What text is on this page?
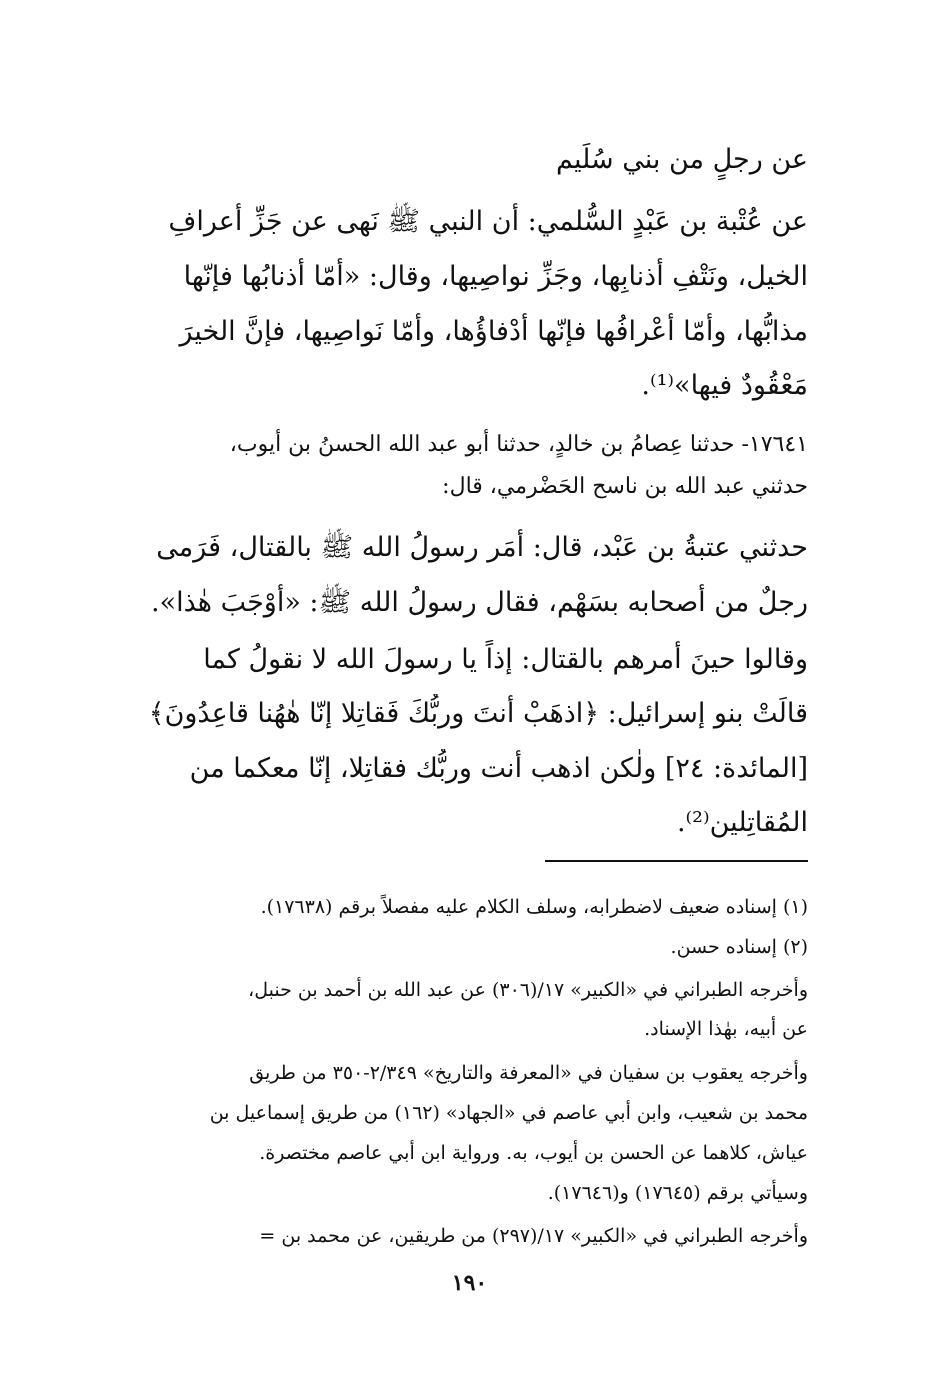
عن رجلٍ من بني سُلَيم
عن عُتْبة بن عَبْدٍ السُّلمي: أن النبي ﷺ نَهى عن جَزِّ أعرافِ
الخيل، ونَتْفِ أذنابِها، وجَزِّ نواصِيها، وقال: «أمّا أذنابُها فإنّها
مذابُّها، وأمّا أعْرافُها فإنّها أدْفاؤُها، وأمّا نَواصِيها، فإنَّ الخيرَ
مَعْقُودٌ فيها»⁽¹⁾.
١٧٦٤١- حدثنا عِصامُ بن خالدٍ، حدثنا أبو عبد الله الحسنُ بن أيوب،
حدثني عبد الله بن ناسح الحَضْرمي، قال:
حدثني عتبةُ بن عَبْد، قال: أَمَر رسولُ الله ﷺ بالقتال، فَرَمى
رجلٌ من أصحابه بسَهْم، فقال رسولُ الله ﷺ: «أَوْجَبَ هٰذا».
وقالوا حينَ أمرهم بالقتال: إذاً يا رسولَ الله لا نقولُ كما
قالَتْ بنو إسرائيل: ﴿اذهَبْ أَنتَ وربُّكَ فَقاتِلا إنّا هٰهُنا قاعِدُونَ﴾
[المائدة: ٢٤] ولٰكن اذهب أنت وربُّك فقاتِلا، إنّا معكما من
المُقاتِلين⁽²⁾.
(١) إسناده ضعيف لاضطرابه، وسلف الكلام عليه مفصلاً برقم (١٧٦٣٨).
(٢) إسناده حسن.
وأخرجه الطبراني في «الكبير» ١٧/(٣٠٦) عن عبد الله بن أحمد بن حنبل،
عن أبيه، بهٰذا الإسناد.
وأخرجه يعقوب بن سفيان في «المعرفة والتاريخ» ٢/٣٤٩-٣٥٠ من طريق
محمد بن شعيب، وابن أبي عاصم في «الجهاد» (١٦٢) من طريق إسماعيل بن
عياش، كلاهما عن الحسن بن أيوب، به. ورواية ابن أبي عاصم مختصرة.
وسيأتي برقم (١٧٦٤٥) و(١٧٦٤٦).
وأخرجه الطبراني في «الكبير» ١٧/(٢٩٧) من طريقين، عن محمد بن =
١٩٠
